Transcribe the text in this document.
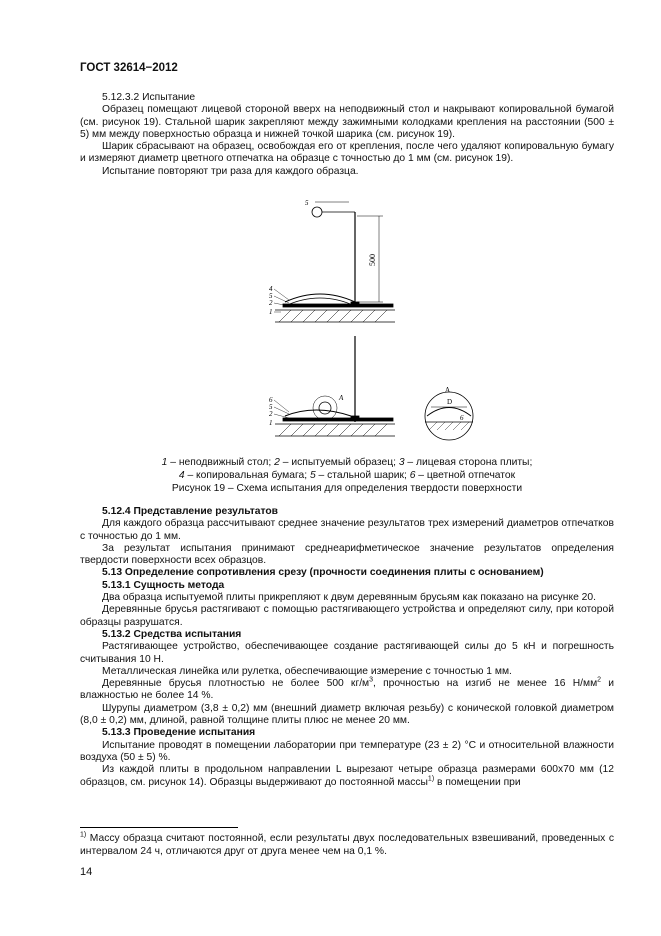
ГОСТ 32614−2012

5.12.3.2 Испытание

Образец помещают лицевой стороной вверх на неподвижный стол и накрывают копировальной бумагой (см. рисунок 19). Стальной шарик закрепляют между зажимными колодками крепления на расстоянии (500 ± 5) мм между поверхностью образца и нижней точкой шарика (см. рисунок 19).

Шарик сбрасывают на образец, освобождая его от крепления, после чего удаляют копировальную бумагу и измеряют диаметр цветного отпечатка на образце с точностью до 1 мм (см. рисунок 19).

Испытание повторяют три раза для каждого образца.

5
500
4
5
2
1
A
6
5
2
1
A
D
6

1 – неподвижный стол; 2 – испытуемый образец; 3 – лицевая сторона плиты;

4 – копировальная бумага; 5 – стальной шарик; 6 – цветной отпечаток

Рисунок 19 – Схема испытания для определения твердости поверхности

5.12.4 Представление результатов

Для каждого образца рассчитывают среднее значение результатов трех измерений диаметров отпечатков с точностью до 1 мм.

За результат испытания принимают среднеарифметическое значение результатов определения твердости поверхности всех образцов.

5.13 Определение сопротивления срезу (прочности соединения плиты с основанием)

5.13.1 Сущность метода

Два образца испытуемой плиты прикрепляют к двум деревянным брусьям как показано на рисунке 20.

Деревянные брусья растягивают с помощью растягивающего устройства и определяют силу, при которой образцы разрушатся.

5.13.2 Средства испытания

Растягивающее устройство, обеспечивающее создание растягивающей силы до 5 кН и погрешность считывания 10 Н.

Металлическая линейка или рулетка, обеспечивающие измерение с точностью 1 мм.

Деревянные брусья плотностью не более 500 $кг/м^3$, прочностью на изгиб не менее 16 $Н/мм^2$ и влажностью не более 14 %.

Шурупы диаметром (3,8 ± 0,2) мм (внешний диаметр включая резьбу) с конической головкой диаметром (8,0 ± 0,2) мм, длиной, равной толщине плиты плюс не менее 20 мм.

5.13.3 Проведение испытания

Испытание проводят в помещении лаборатории при температуре (23 ± 2) °С и относительной влажности воздуха (50 ± 5) %.

Из каждой плиты в продольном направлении L вырезают четыре образца размерами 600х70 мм (12 образцов, см. рисунок 14). Образцы выдерживают до постоянной массы$^{1)}$ в помещении при

$^{1)}$ Массу образца считают постоянной, если результаты двух последовательных взвешиваний, проведенных с интервалом 24 ч, отличаются друг от друга менее чем на 0,1 %.

14
